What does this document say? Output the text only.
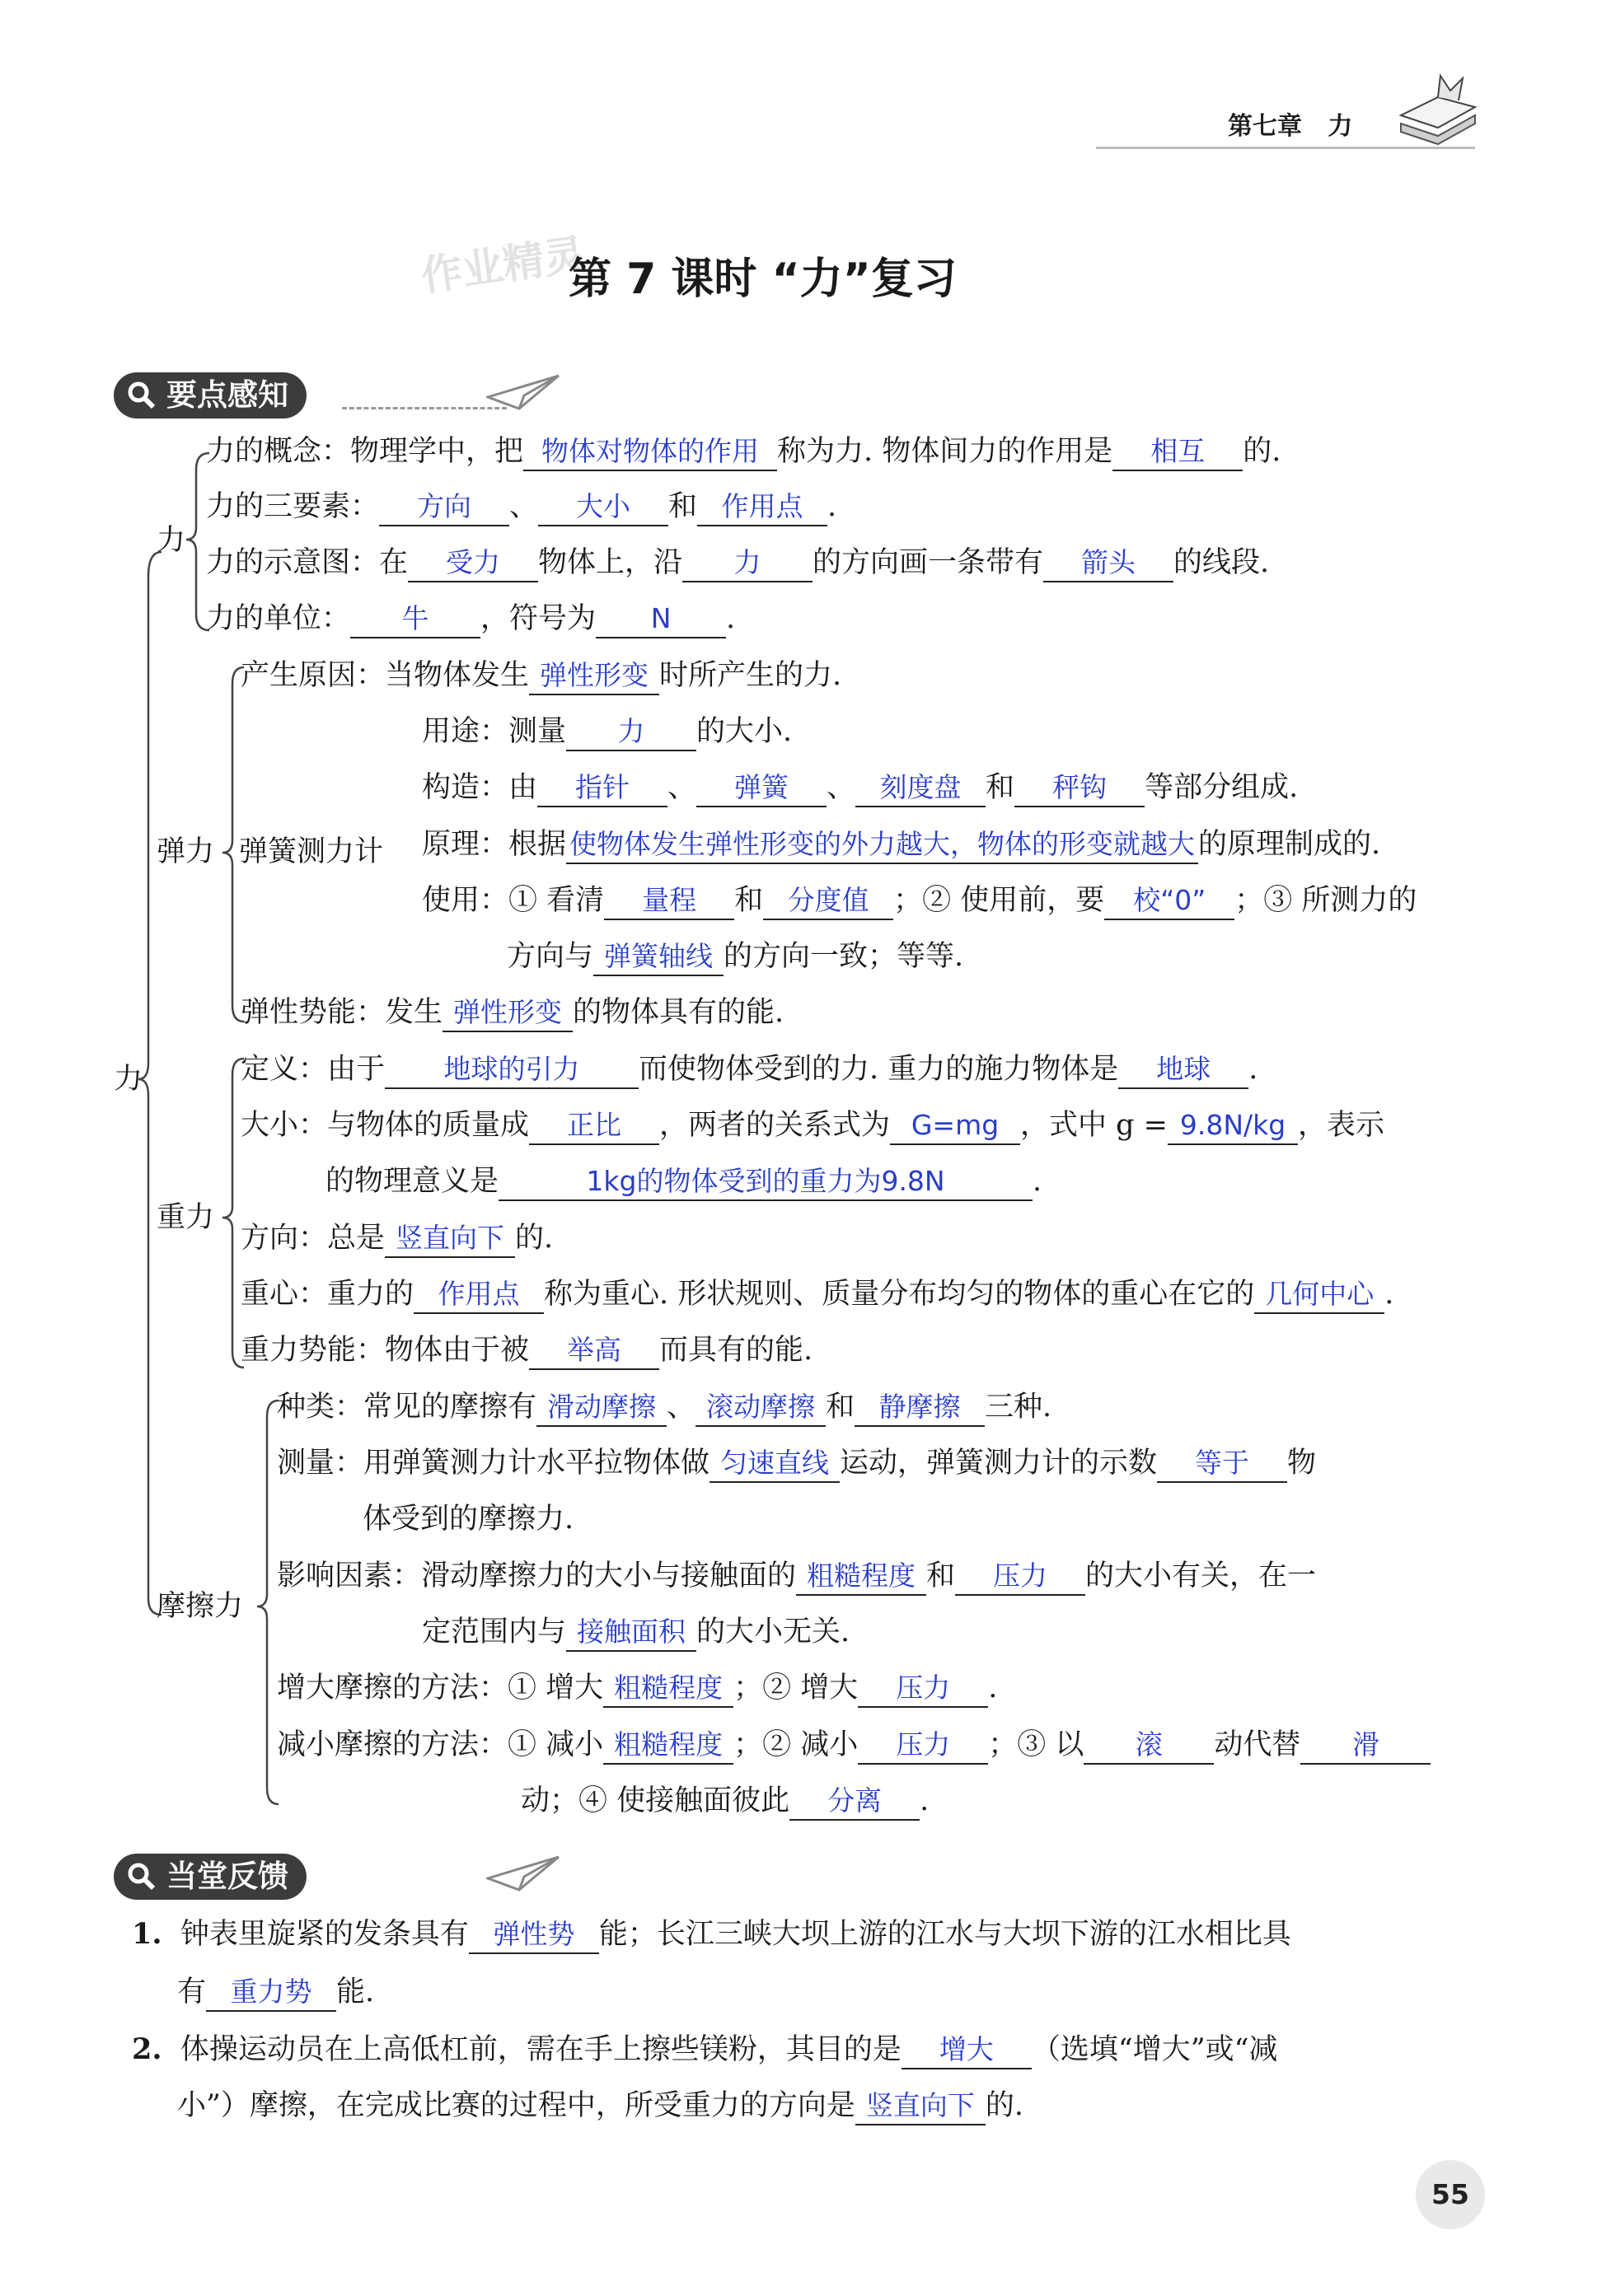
第七章 力
作业精灵
第 7 课时 “力”复习
要点感知
力
力
弹力 弹簧测力计
重力
摩擦力
力的概念：物理学中，把 物体对物体的作用 称为力. 物体间力的作用是 相互 的.
力的三要素： 方向 、 大小 和 作用点 .
力的示意图：在 受力 物体上，沿 力 的方向画一条带有 箭头 的线段.
力的单位： 牛 ，符号为 N .
产生原因：当物体发生 弹性形变 时所产生的力.
用途：测量 力 的大小.
构造：由 指针 、 弹簧 、 刻度盘 和 秤钩 等部分组成.
原理：根据 使物体发生弹性形变的外力越大，物体的形变就越大 的原理制成的.
使用：① 看清 量程 和 分度值 ；② 使用前，要 校“0” ；③ 所测力的
方向与 弹簧轴线 的方向一致；等等.
弹性势能：发生 弹性形变 的物体具有的能.
定义：由于 地球的引力 而使物体受到的力. 重力的施力物体是 地球 .
大小：与物体的质量成 正比 ，两者的关系式为 G=mg ，式中 g = 9.8N/kg ，表示
的物理意义是	1kg的物体受到的重力为9.8N	.
方向：总是 竖直向下 的.
重心：重力的 作用点 称为重心. 形状规则、质量分布均匀的物体的重心在它的 几何中心 .
重力势能：物体由于被 举高 而具有的能.
种类：常见的摩擦有 滑动摩擦 、 滚动摩擦 和 静摩擦 三种.
测量：用弹簧测力计水平拉物体做 匀速直线 运动，弹簧测力计的示数 等于 物
体受到的摩擦力.
影响因素：滑动摩擦力的大小与接触面的 粗糙程度 和 压力 的大小有关，在一
定范围内与 接触面积 的大小无关.
增大摩擦的方法：① 增大 粗糙程度 ；② 增大 压力 .
减小摩擦的方法：① 减小 粗糙程度 ；② 减小 压力 ；③ 以 滚 动代替 滑
动；④ 使接触面彼此 分离 .
当堂反馈
1. 钟表里旋紧的发条具有 弹性势 能；长江三峡大坝上游的江水与大坝下游的江水相比具
有 重力势 能.
2. 体操运动员在上高低杠前，需在手上擦些镁粉，其目的是 增大 （选填“增大”或“减
小”）摩擦，在完成比赛的过程中，所受重力的方向是 竖直向下 的.
55
